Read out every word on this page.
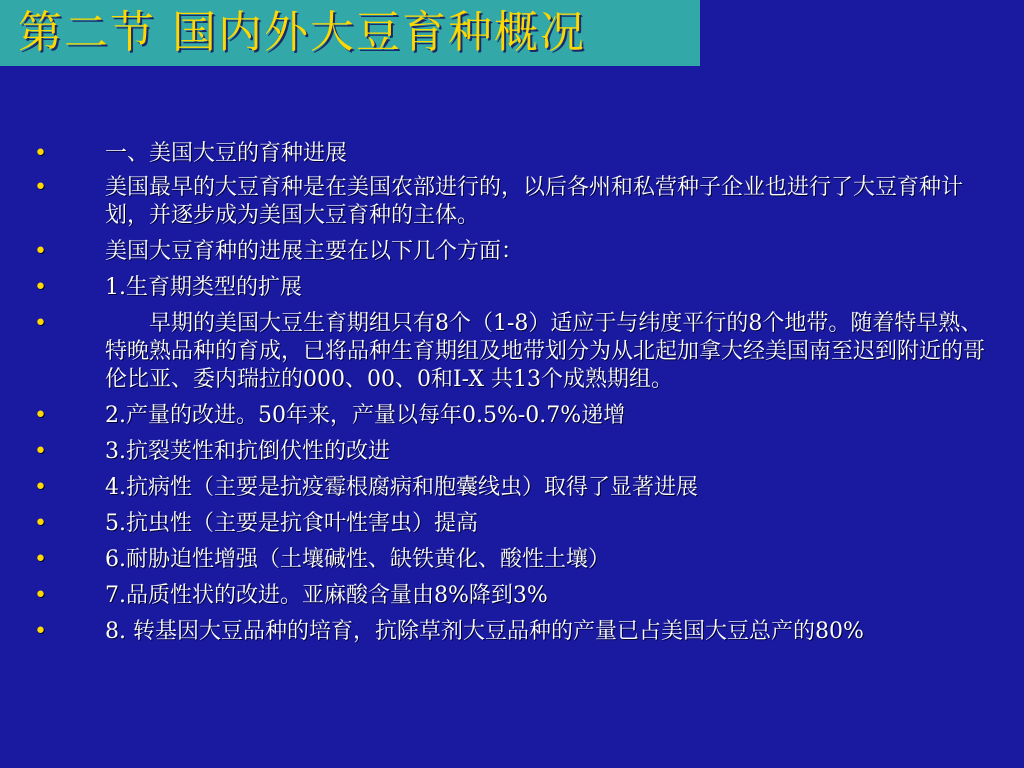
第二节 国内外大豆育种概况
•	一、美国大豆的育种进展
•	美国最早的大豆育种是在美国农部进行的，以后各州和私营种子企业也进行了大豆育种计划，并逐步成为美国大豆育种的主体。
•	美国大豆育种的进展主要在以下几个方面：
•	1.生育期类型的扩展
•	早期的美国大豆生育期组只有8个（1-8）适应于与纬度平行的8个地带。随着特早熟、特晚熟品种的育成，已将品种生育期组及地带划分为从北起加拿大经美国南至迟到附近的哥伦比亚、委内瑞拉的000、00、0和I-X 共13个成熟期组。
•	2.产量的改进。50年来，产量以每年0.5%-0.7%递增
•	3.抗裂荚性和抗倒伏性的改进
•	4.抗病性（主要是抗疫霉根腐病和胞囊线虫）取得了显著进展
•	5.抗虫性（主要是抗食叶性害虫）提高
•	6.耐胁迫性增强（土壤碱性、缺铁黄化、酸性土壤）
•	7.品质性状的改进。亚麻酸含量由8%降到3%
•	8. 转基因大豆品种的培育，抗除草剂大豆品种的产量已占美国大豆总产的80%
